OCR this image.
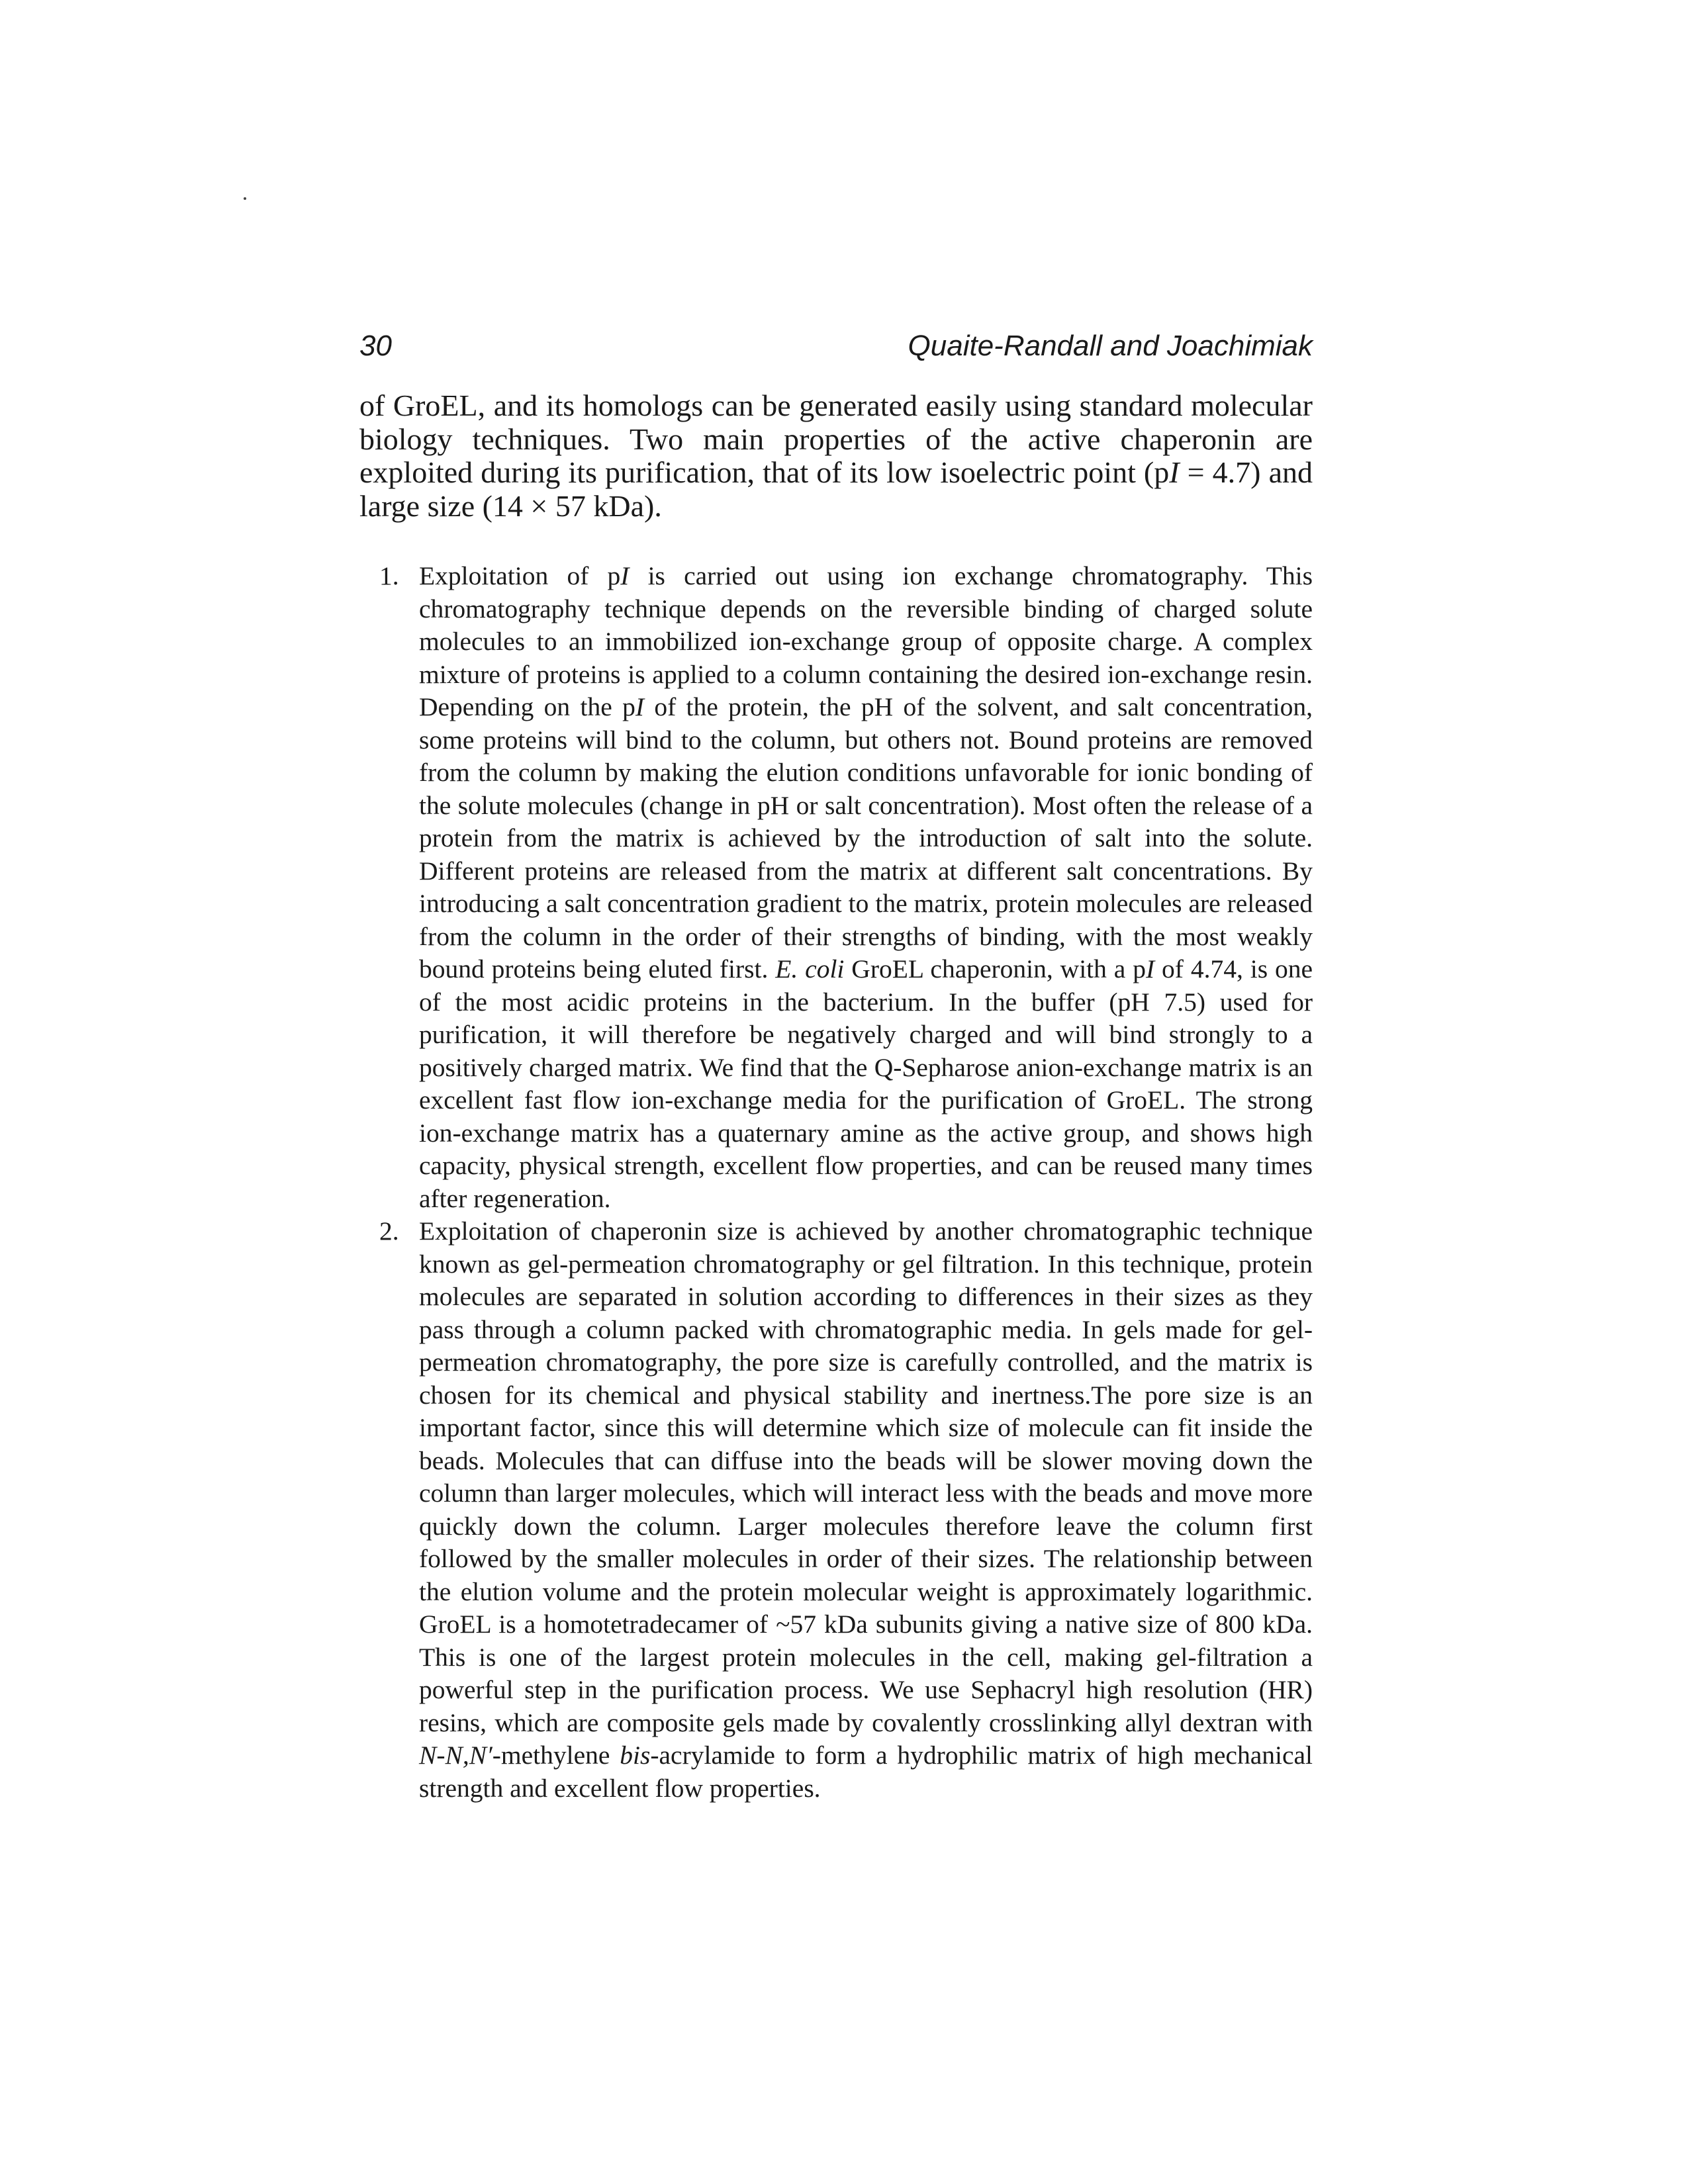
30	Quaite-Randall and Joachimiak

of GroEL, and its homologs can be generated easily using standard molecular biology techniques. Two main properties of the active chaperonin are exploited during its purification, that of its low isoelectric point (pI = 4.7) and large size (14 × 57 kDa).

1. Exploitation of pI is carried out using ion exchange chromatography. This chromatography technique depends on the reversible binding of charged solute molecules to an immobilized ion-exchange group of opposite charge. A complex mixture of proteins is applied to a column containing the desired ion-exchange resin. Depending on the pI of the protein, the pH of the solvent, and salt concentration, some proteins will bind to the column, but others not. Bound proteins are removed from the column by making the elution conditions unfavorable for ionic bonding of the solute molecules (change in pH or salt concentration). Most often the release of a protein from the matrix is achieved by the introduction of salt into the solute. Different proteins are released from the matrix at different salt concentrations. By introducing a salt concentration gradient to the matrix, protein molecules are released from the column in the order of their strengths of binding, with the most weakly bound proteins being eluted first. E. coli GroEL chaperonin, with a pI of 4.74, is one of the most acidic proteins in the bacterium. In the buffer (pH 7.5) used for purification, it will therefore be negatively charged and will bind strongly to a positively charged matrix. We find that the Q-Sepharose anion-exchange matrix is an excellent fast flow ion-exchange media for the purification of GroEL. The strong ion-exchange matrix has a quaternary amine as the active group, and shows high capacity, physical strength, excellent flow properties, and can be reused many times after regeneration.

2. Exploitation of chaperonin size is achieved by another chromatographic technique known as gel-permeation chromatography or gel filtration. In this technique, protein molecules are separated in solution according to differences in their sizes as they pass through a column packed with chromatographic media. In gels made for gel-permeation chromatography, the pore size is carefully controlled, and the matrix is chosen for its chemical and physical stability and inertness.The pore size is an important factor, since this will determine which size of molecule can fit inside the beads. Molecules that can diffuse into the beads will be slower moving down the column than larger molecules, which will interact less with the beads and move more quickly down the column. Larger molecules therefore leave the column first followed by the smaller molecules in order of their sizes. The relationship between the elution volume and the protein molecular weight is approximately logarithmic. GroEL is a homotetradecamer of ~57 kDa subunits giving a native size of 800 kDa. This is one of the largest protein molecules in the cell, making gel-filtration a powerful step in the purification process. We use Sephacryl high resolution (HR) resins, which are composite gels made by covalently crosslinking allyl dextran with N-N,N′-methylene bis-acrylamide to form a hydrophilic matrix of high mechanical strength and excellent flow properties.
